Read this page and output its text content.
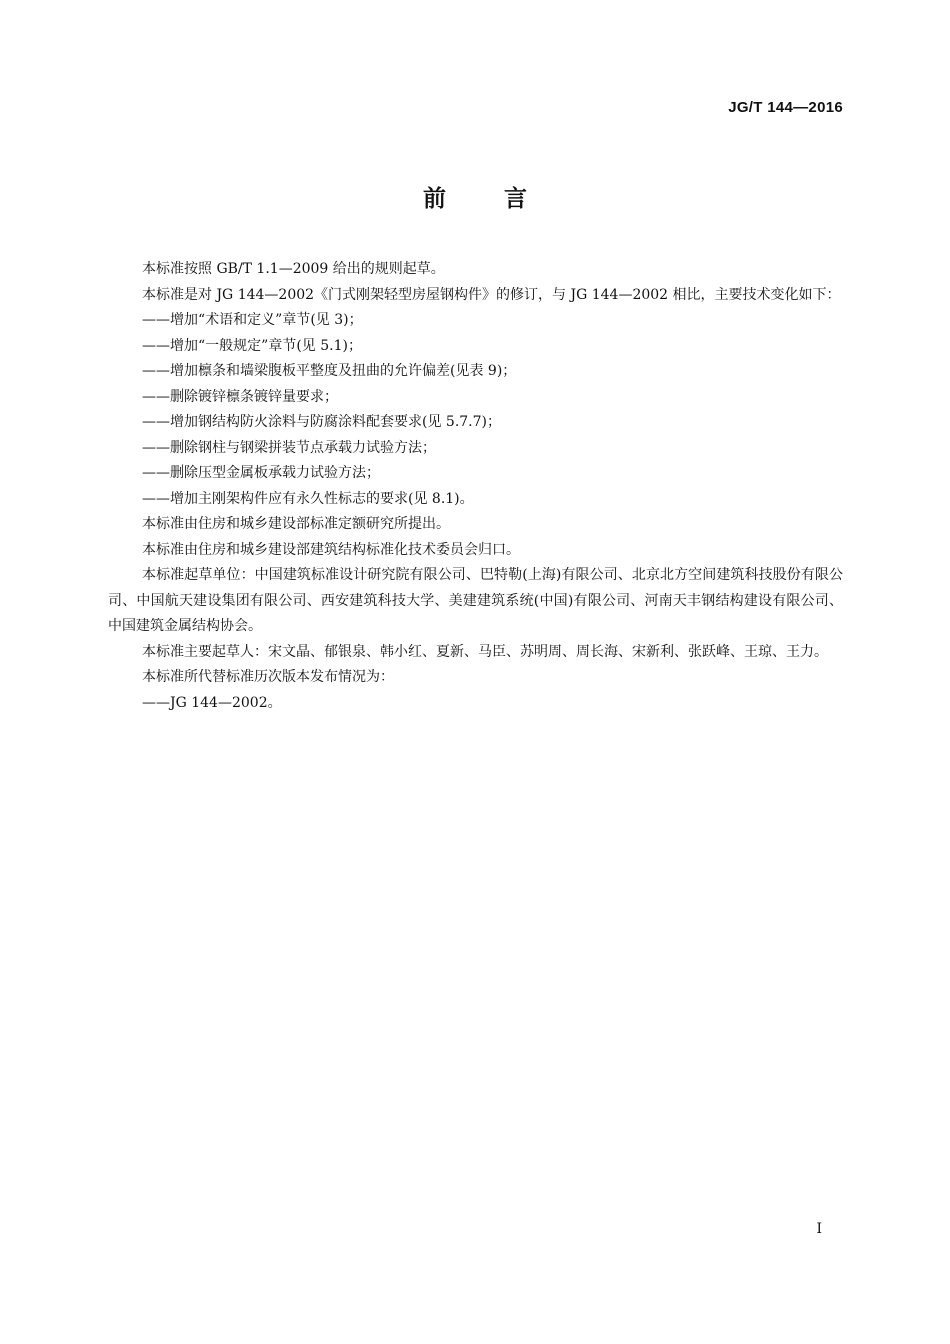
JG/T 144—2016
前言

本标准按照 GB/T 1.1—2009 给出的规则起草。

本标准是对 JG 144—2002《门式刚架轻型房屋钢构件》的修订，与 JG 144—2002 相比，主要技术变化如下：

——增加“术语和定义”章节(见 3)；

——增加“一般规定”章节(见 5.1)；

——增加檩条和墙梁腹板平整度及扭曲的允许偏差(见表 9)；

——删除镀锌檩条镀锌量要求；

——增加钢结构防火涂料与防腐涂料配套要求(见 5.7.7)；

——删除钢柱与钢梁拼装节点承载力试验方法；

——删除压型金属板承载力试验方法；

——增加主刚架构件应有永久性标志的要求(见 8.1)。

本标准由住房和城乡建设部标准定额研究所提出。

本标准由住房和城乡建设部建筑结构标准化技术委员会归口。

本标准起草单位：中国建筑标准设计研究院有限公司、巴特勒(上海)有限公司、北京北方空间建筑科技股份有限公司、中国航天建设集团有限公司、西安建筑科技大学、美建建筑系统(中国)有限公司、河南天丰钢结构建设有限公司、中国建筑金属结构协会。

本标准主要起草人：宋文晶、郁银泉、韩小红、夏新、马臣、苏明周、周长海、宋新利、张跃峰、王琼、王力。

本标准所代替标准历次版本发布情况为：

——JG 144—2002。

I
